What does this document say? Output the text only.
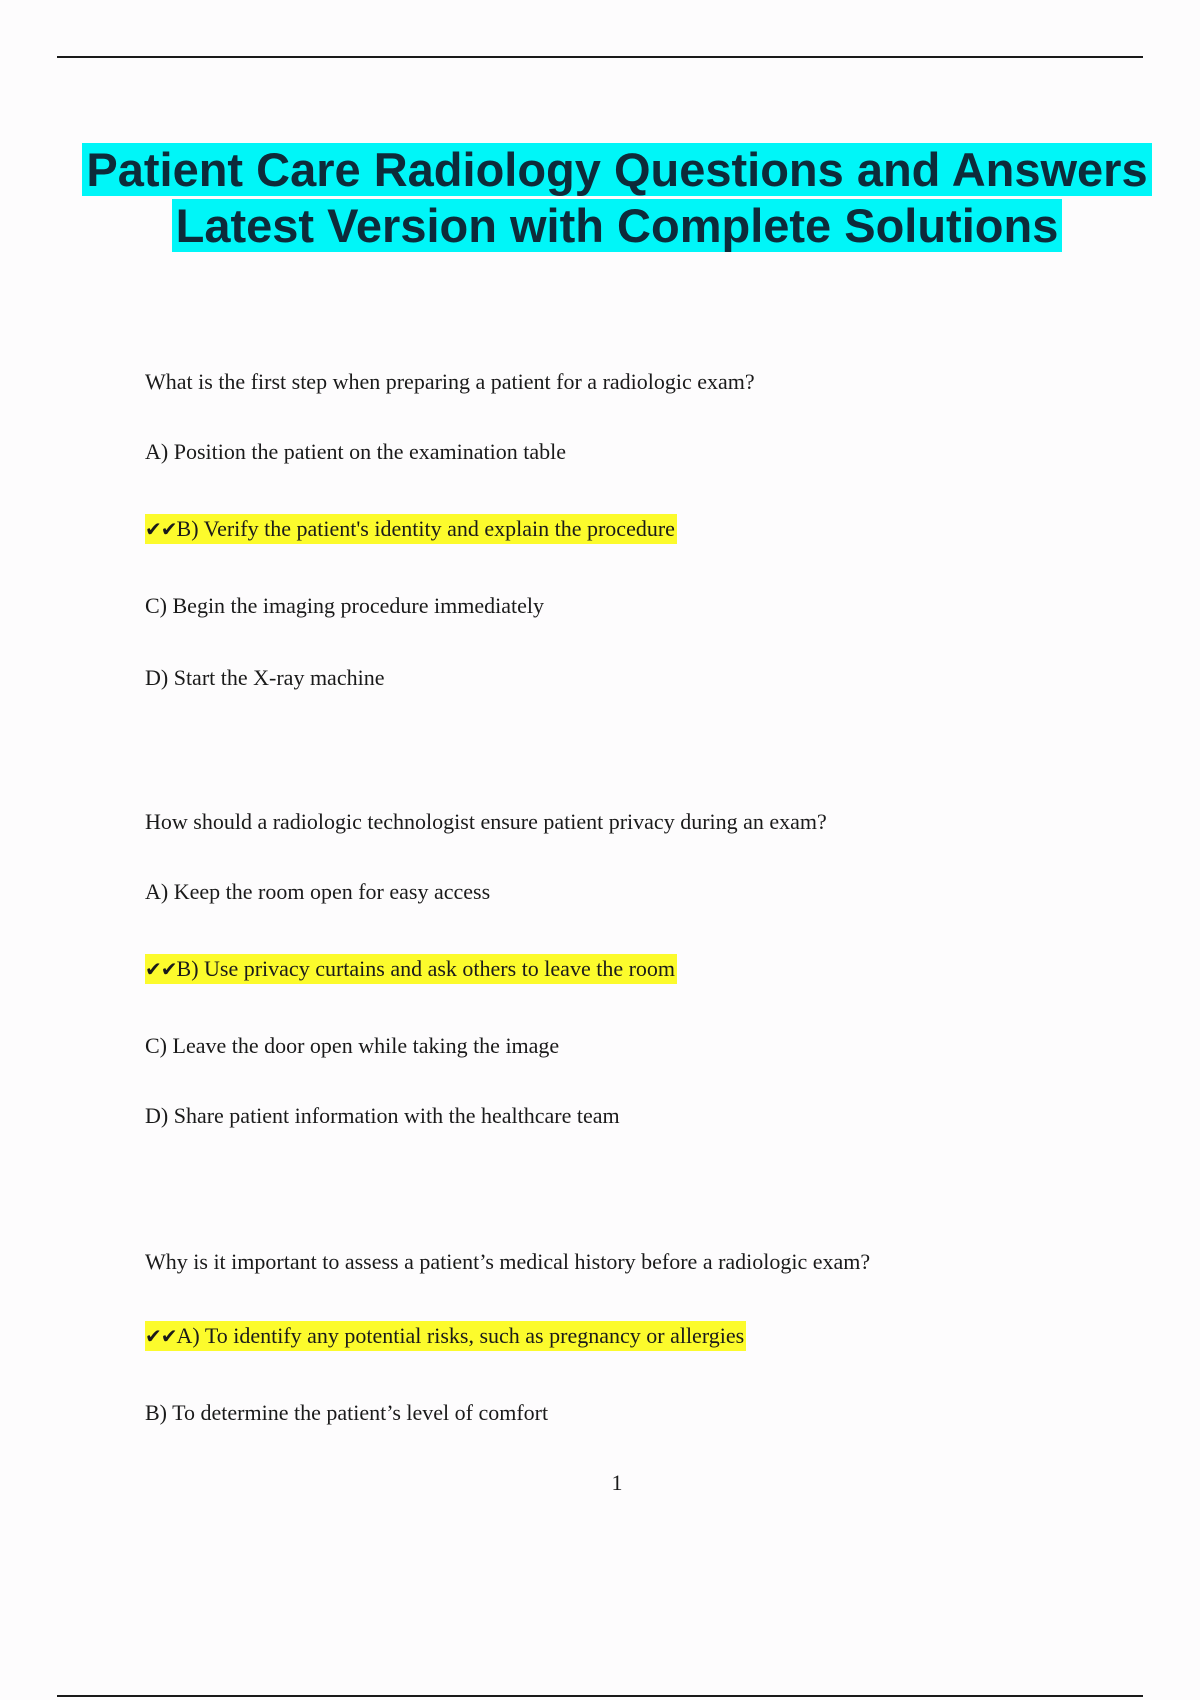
Patient Care Radiology Questions and Answers Latest Version with Complete Solutions
What is the first step when preparing a patient for a radiologic exam?
A) Position the patient on the examination table
✔✔B) Verify the patient's identity and explain the procedure
C) Begin the imaging procedure immediately
D) Start the X-ray machine
How should a radiologic technologist ensure patient privacy during an exam?
A) Keep the room open for easy access
✔✔B) Use privacy curtains and ask others to leave the room
C) Leave the door open while taking the image
D) Share patient information with the healthcare team
Why is it important to assess a patient’s medical history before a radiologic exam?
✔✔A) To identify any potential risks, such as pregnancy or allergies
B) To determine the patient’s level of comfort
1
